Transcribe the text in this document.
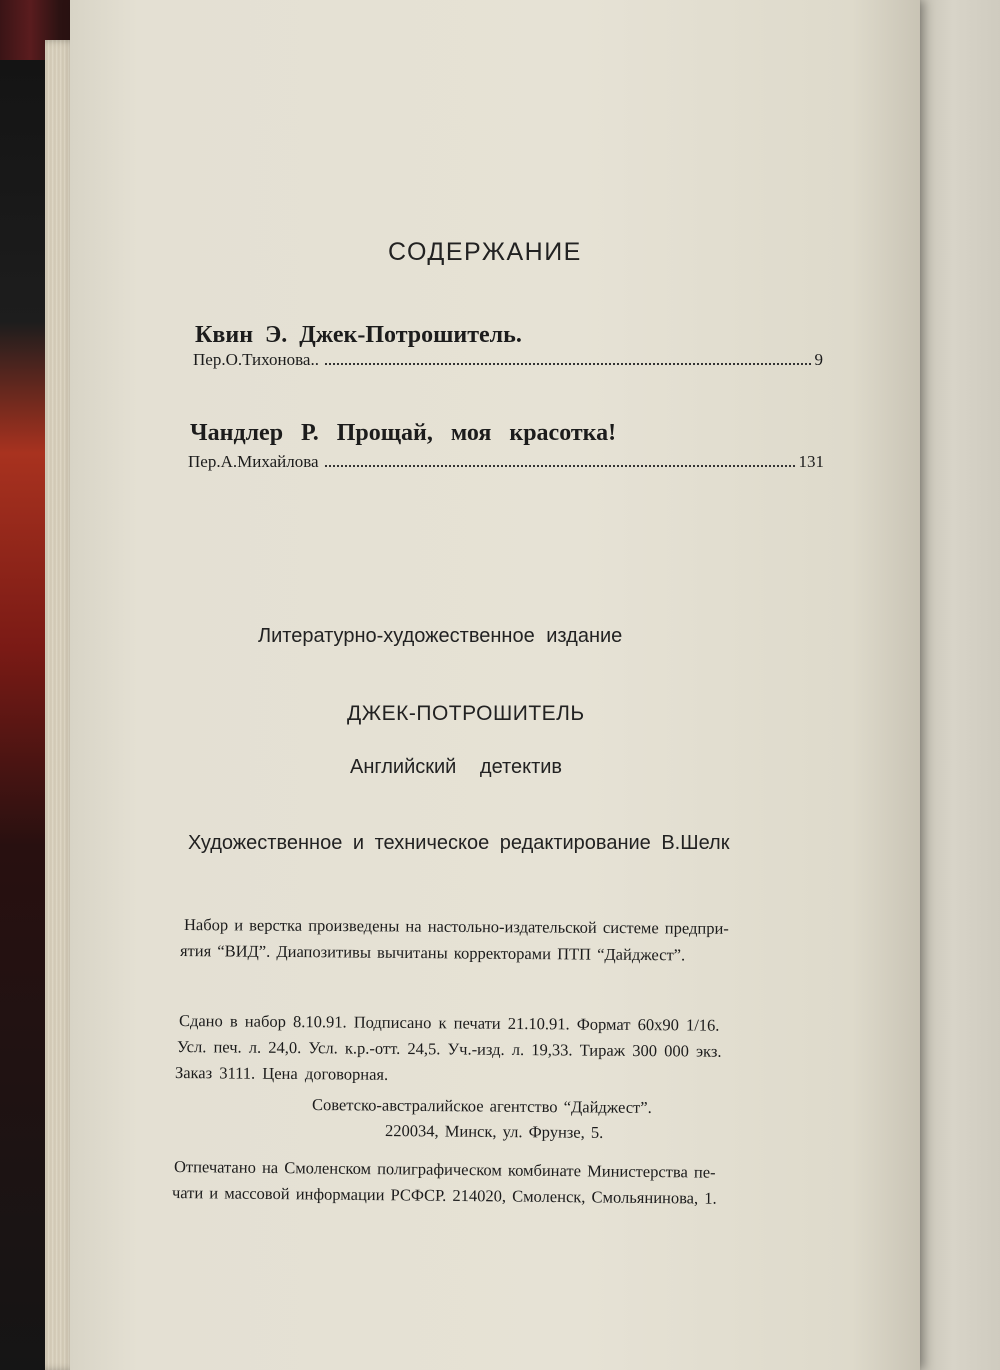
СОДЕРЖАНИЕ
Квин Э. Джек-Потрошитель.
Пер.О.Тихонова..	9
Чандлер Р. Прощай, моя красотка!
Пер.А.Михайлова	131
Литературно-художественное издание
ДЖЕК-ПОТРОШИТЕЛЬ
Английский детектив
Художественное и техническое редактирование В.Шелк
Набор и верстка произведены на настольно-издательской системе предпри-
ятия “ВИД”. Диапозитивы вычитаны корректорами ПТП “Дайджест”.
Сдано в набор 8.10.91. Подписано к печати 21.10.91. Формат 60x90 1/16.
Усл. печ. л. 24,0. Усл. к.р.-отт. 24,5. Уч.-изд. л. 19,33. Тираж 300 000 экз.
Заказ 3111. Цена договорная.
Советско-австралийское агентство “Дайджест”.
220034, Минск, ул. Фрунзе, 5.
Отпечатано на Смоленском полиграфическом комбинате Министерства пе-
чати и массовой информации РСФСР. 214020, Смоленск, Смольянинова, 1.
